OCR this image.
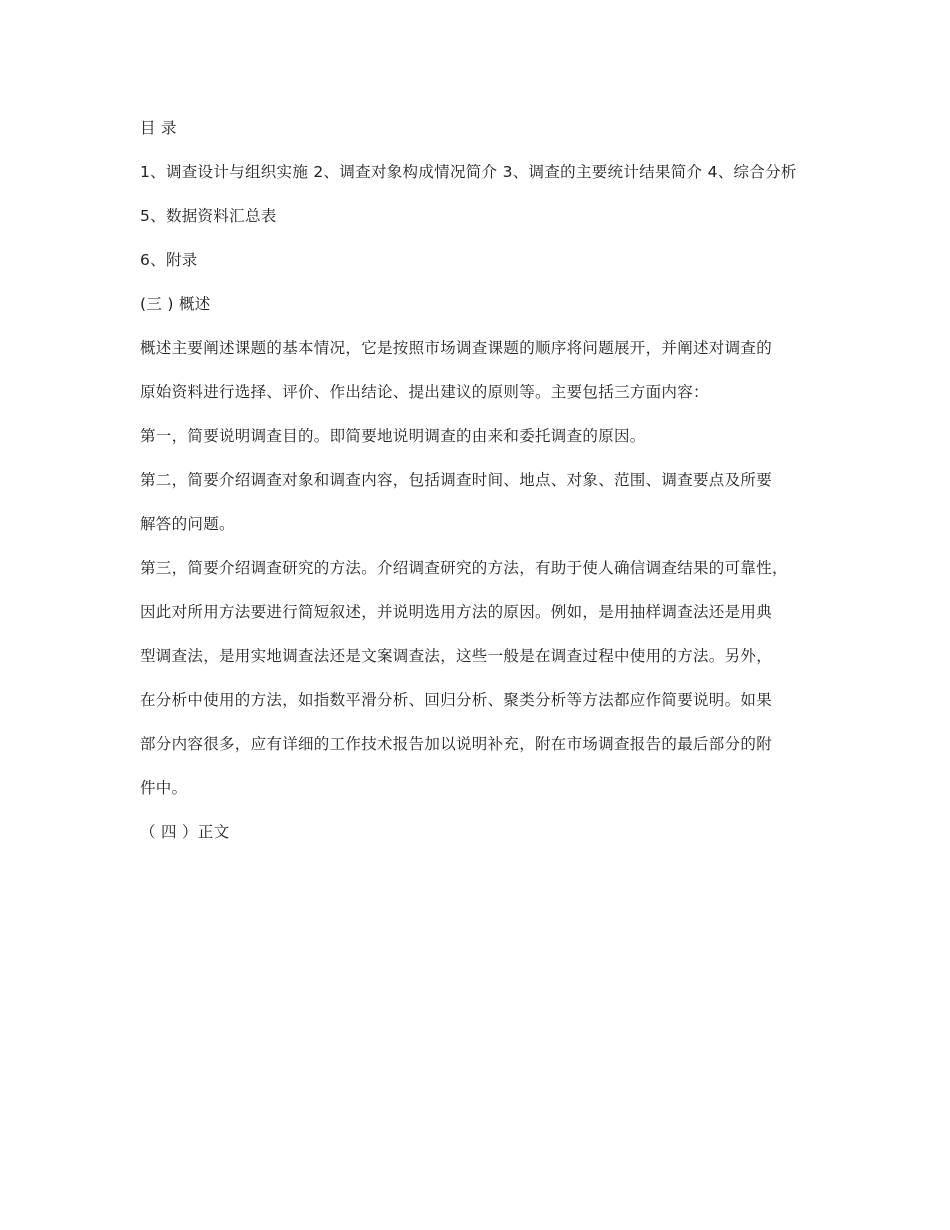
目 录

1、调查设计与组织实施 2、调查对象构成情况简介 3、调查的主要统计结果简介 4、综合分析

5、数据资料汇总表

6、附录

(三 ) 概述

概述主要阐述课题的基本情况，它是按照市场调查课题的顺序将问题展开，并阐述对调查的

原始资料进行选择、评价、作出结论、提出建议的原则等。主要包括三方面内容：

第一，简要说明调查目的。即简要地说明调查的由来和委托调查的原因。

第二，简要介绍调查对象和调查内容，包括调查时间、地点、对象、范围、调查要点及所要

解答的问题。

第三，简要介绍调查研究的方法。介绍调查研究的方法，有助于使人确信调查结果的可靠性，

因此对所用方法要进行简短叙述，并说明选用方法的原因。例如，是用抽样调查法还是用典

型调查法，是用实地调查法还是文案调查法，这些一般是在调查过程中使用的方法。另外，

在分析中使用的方法，如指数平滑分析、回归分析、聚类分析等方法都应作简要说明。如果

部分内容很多，应有详细的工作技术报告加以说明补充，附在市场调查报告的最后部分的附

件中。

（ 四 ）正文
